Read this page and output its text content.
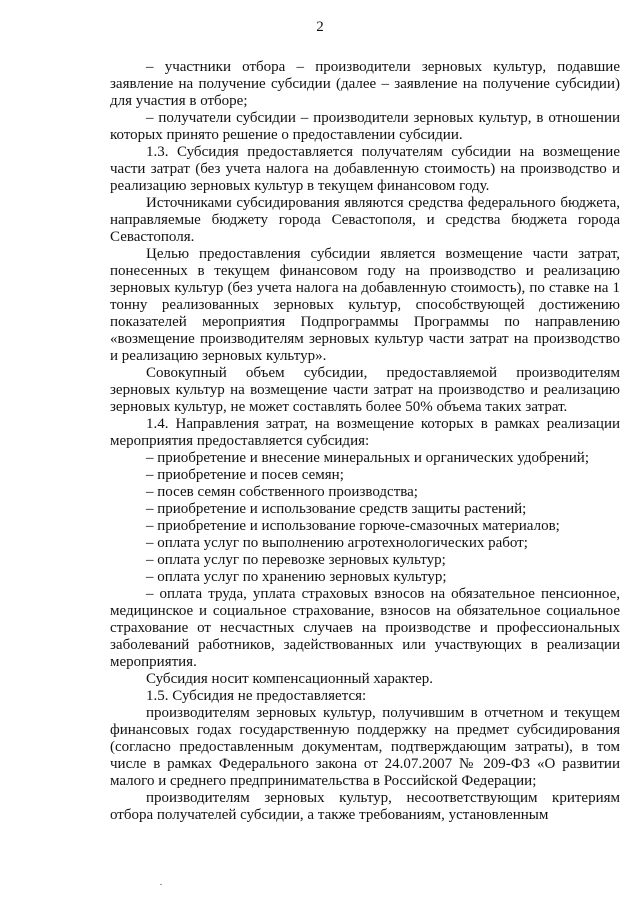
2

– участники отбора – производители зерновых культур, подавшие заявление на получение субсидии (далее – заявление на получение субсидии) для участия в отборе;

– получатели субсидии – производители зерновых культур, в отношении которых принято решение о предоставлении субсидии.

1.3. Субсидия предоставляется получателям субсидии на возмещение части затрат (без учета налога на добавленную стоимость) на производство и реализацию зерновых культур в текущем финансовом году.

Источниками субсидирования являются средства федерального бюджета, направляемые бюджету города Севастополя, и средства бюджета города Севастополя.

Целью предоставления субсидии является возмещение части затрат, понесенных в текущем финансовом году на производство и реализацию зерновых культур (без учета налога на добавленную стоимость), по ставке на 1 тонну реализованных зерновых культур, способствующей достижению показателей мероприятия Подпрограммы Программы по направлению «возмещение производителям зерновых культур части затрат на производство и реализацию зерновых культур».

Совокупный объем субсидии, предоставляемой производителям зерновых культур на возмещение части затрат на производство и реализацию зерновых культур, не может составлять более 50% объема таких затрат.

1.4. Направления затрат, на возмещение которых в рамках реализации мероприятия предоставляется субсидия:

– приобретение и внесение минеральных и органических удобрений;

– приобретение и посев семян;

– посев семян собственного производства;

– приобретение и использование средств защиты растений;

– приобретение и использование горюче-смазочных материалов;

– оплата услуг по выполнению агротехнологических работ;

– оплата услуг по перевозке зерновых культур;

– оплата услуг по хранению зерновых культур;

– оплата труда, уплата страховых взносов на обязательное пенсионное, медицинское и социальное страхование, взносов на обязательное социальное страхование от несчастных случаев на производстве и профессиональных заболеваний работников, задействованных или участвующих в реализации мероприятия.

Субсидия носит компенсационный характер.

1.5. Субсидия не предоставляется:

производителям зерновых культур, получившим в отчетном и текущем финансовых годах государственную поддержку на предмет субсидирования (согласно предоставленным документам, подтверждающим затраты), в том числе в рамках Федерального закона от 24.07.2007 № 209-ФЗ «О развитии малого и среднего предпринимательства в Российской Федерации;

производителям зерновых культур, несоответствующим критериям отбора получателей субсидии, а также требованиям, установленным
